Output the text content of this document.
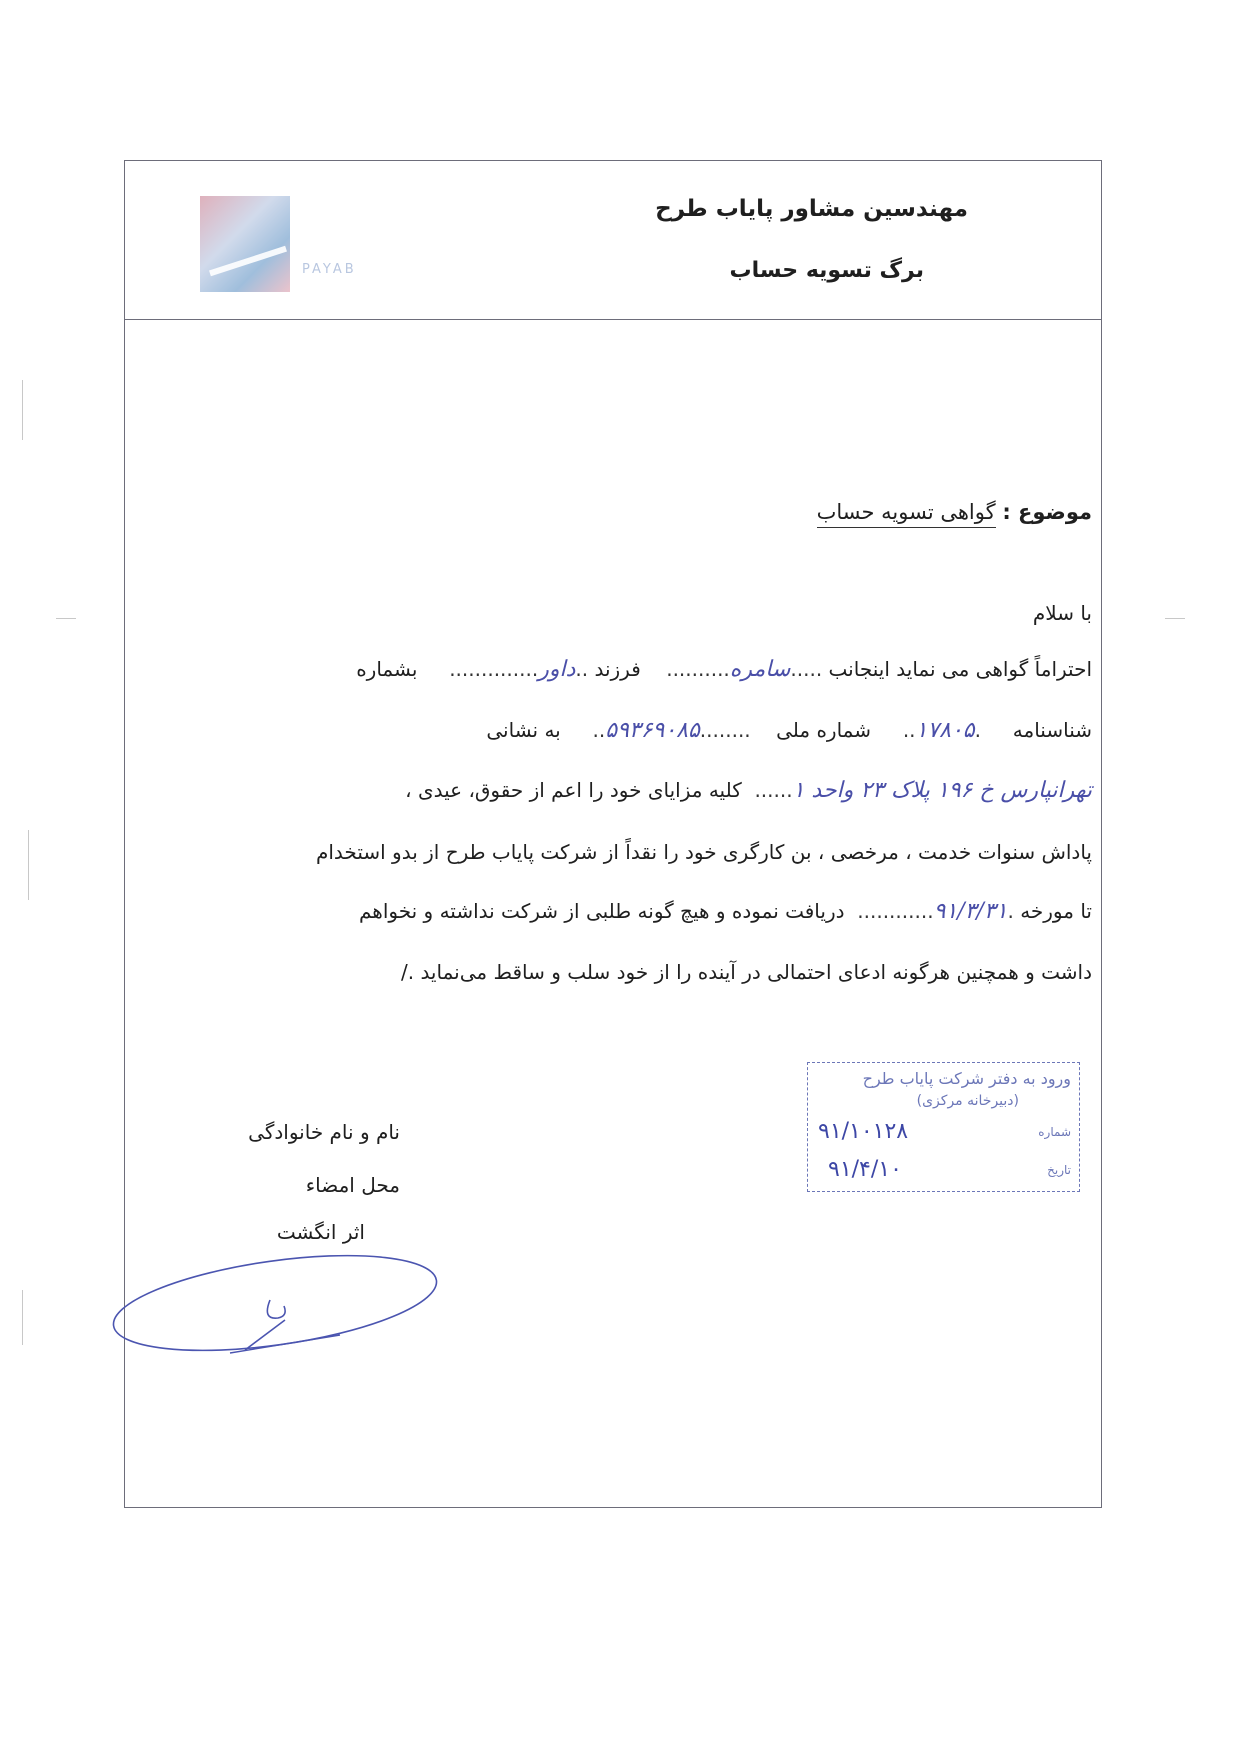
PAYAB
مهندسین مشاور پایاب طرح
برگ تسویه حساب
موضوع : گواهی تسویه حساب
با سلام
احتراماً گواهی می نماید اینجانب .....سامره..........    فرزند ..داور..............     بشماره
شناسنامه     .۱۷۸۰۵..     شماره ملی    ........۵۹۳۶۹۰۸۵..     به نشانی
تهرانپارس خ ۱۹۶ پلاک ۲۳ واحد ۱......  کلیه مزایای خود را اعم از حقوق، عیدی ،
پاداش سنوات خدمت ، مرخصی ، بن کارگری خود را نقداً از شرکت پایاب طرح از بدو استخدام
تا مورخه .۹۱/۳/۳۱............  دریافت نموده و هیچ گونه طلبی از شرکت نداشته و نخواهم
داشت و همچنین هرگونه ادعای احتمالی در آینده را از خود سلب و ساقط می‌نماید ./
نام و نام خانوادگی
محل امضاء
اثر انگشت
ورود به دفتر شرکت پایاب طرح
(دبیرخانه مرکزی)
شماره
تاریخ
۹۱/۱۰۱۲۸
۹۱/۴/۱۰
